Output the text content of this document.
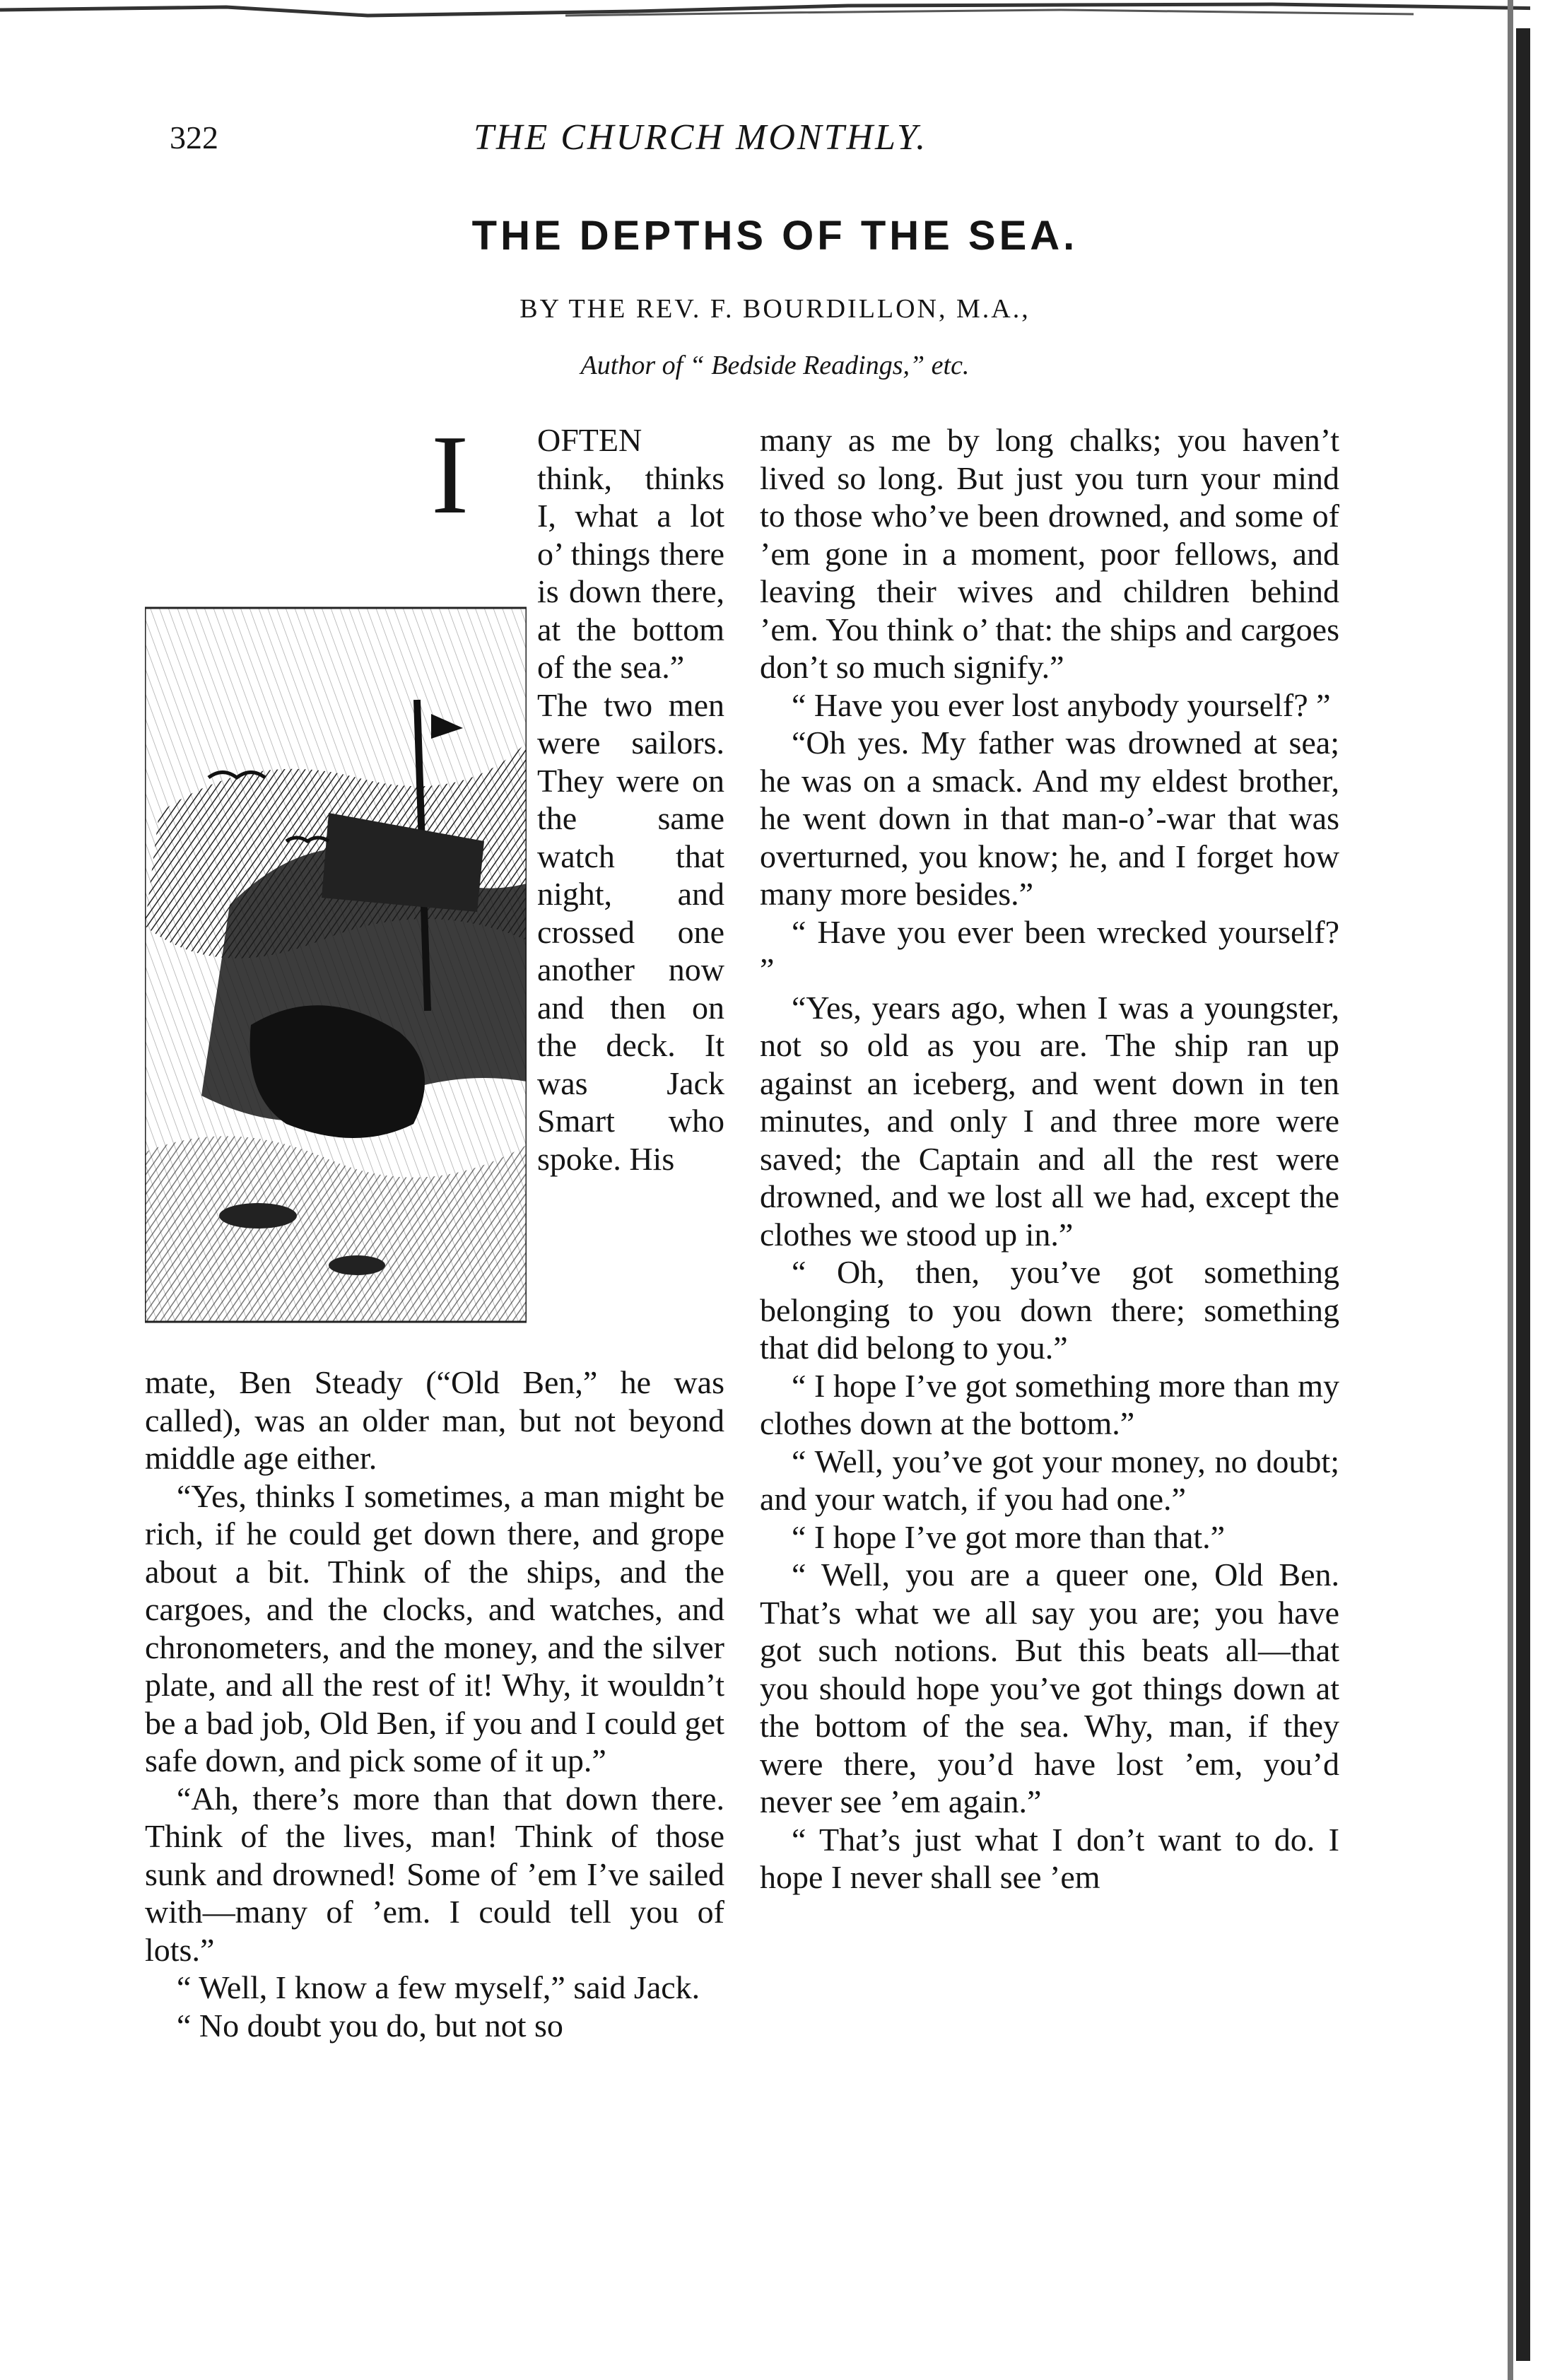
322	THE CHURCH MONTHLY.
THE DEPTHS OF THE SEA.

BY THE REV. F. BOURDILLON, M.A.,

Author of “ Bedside Readings,” etc.

I OFTEN think, thinks I, what a lot o’ things there is down there, at the bottom of the sea.”

The two men were sailors. They were on the same watch that night, and crossed one another now and then on the deck. It was Jack Smart who spoke. His

mate, Ben Steady (“Old Ben,” he was called), was an older man, but not beyond middle age either.

“Yes, thinks I sometimes, a man might be rich, if he could get down there, and grope about a bit. Think of the ships, and the cargoes, and the clocks, and watches, and chronometers, and the money, and the silver plate, and all the rest of it! Why, it wouldn’t be a bad job, Old Ben, if you and I could get safe down, and pick some of it up.”

“Ah, there’s more than that down there. Think of the lives, man! Think of those sunk and drowned! Some of ’em I’ve sailed with—many of ’em. I could tell you of lots.”

“ Well, I know a few myself,” said Jack.

“ No doubt you do, but not so

many as me by long chalks; you haven’t lived so long. But just you turn your mind to those who’ve been drowned, and some of ’em gone in a moment, poor fellows, and leaving their wives and children behind ’em. You think o’ that: the ships and cargoes don’t so much signify.”

“ Have you ever lost anybody yourself? ”

“Oh yes. My father was drowned at sea; he was on a smack. And my eldest brother, he went down in that man-o’-war that was overturned, you know; he, and I forget how many more besides.”

“ Have you ever been wrecked yourself? ”

“Yes, years ago, when I was a youngster, not so old as you are. The ship ran up against an iceberg, and went down in ten minutes, and only I and three more were saved; the Captain and all the rest were drowned, and we lost all we had, except the clothes we stood up in.”

“ Oh, then, you’ve got something belonging to you down there; something that did belong to you.”

“ I hope I’ve got something more than my clothes down at the bottom.”

“ Well, you’ve got your money, no doubt; and your watch, if you had one.”

“ I hope I’ve got more than that.”

“ Well, you are a queer one, Old Ben. That’s what we all say you are; you have got such notions. But this beats all—that you should hope you’ve got things down at the bottom of the sea. Why, man, if they were there, you’d have lost ’em, you’d never see ’em again.”

“ That’s just what I don’t want to do. I hope I never shall see ’em
